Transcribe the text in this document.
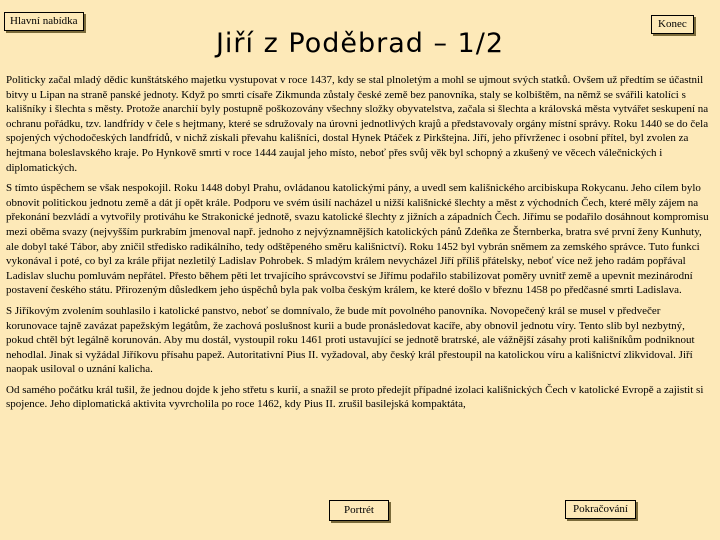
Hlavní nabídka	Konec
Jiří z Poděbrad – 1/2

Politicky začal mladý dědic kunštátského majetku vystupovat v roce 1437, kdy se stal plnoletým a mohl se ujmout svých statků. Ovšem už předtím se účastnil bitvy u Lipan na straně panské jednoty. Když po smrti císaře Zikmunda zůstaly české země bez panovníka, staly se kolbištěm, na němž se svářili katolíci s kališníky i šlechta s městy. Protože anarchií byly postupně poškozovány všechny složky obyvatelstva, začala si šlechta a královská města vytvářet seskupení na ochranu pořádku, tzv. landfrídy v čele s hejtmany, které se sdružovaly na úrovni jednotlivých krajů a představovaly orgány místní správy. Roku 1440 se do čela spojených východočeských landfrídů, v nichž získali převahu kališníci, dostal Hynek Ptáček z Pirkštejna. Jiří, jeho přívrženec i osobní přítel, byl zvolen za hejtmana boleslavského kraje. Po Hynkově smrti v roce 1444 zaujal jeho místo, neboť přes svůj věk byl schopný a zkušený ve věcech válečnických i diplomatických.

S tímto úspěchem se však nespokojil. Roku 1448 dobyl Prahu, ovládanou katolickými pány, a uvedl sem kališnického arcibiskupa Rokycanu. Jeho cílem bylo obnovit politickou jednotu země a dát jí opět krále. Podporu ve svém úsilí nacházel u nižší kališnické šlechty a měst z východních Čech, které měly zájem na překonání bezvládí a vytvořily protiváhu ke Strakonické jednotě, svazu katolické šlechty z jižních a západních Čech. Jiřímu se podařilo dosáhnout kompromisu mezi oběma svazy (nejvyšším purkrabím jmenoval např. jednoho z nejvýznamnějších katolických pánů Zdeňka ze Šternberka, bratra své první ženy Kunhuty, ale dobyl také Tábor, aby zničil středisko radikálního, tedy odštěpeného směru kališnictví). Roku 1452 byl vybrán sněmem za zemského správce. Tuto funkci vykonával i poté, co byl za krále přijat nezletilý Ladislav Pohrobek. S mladým králem nevycházel Jiří příliš přátelsky, neboť více než jeho radám popřával Ladislav sluchu pomluvám nepřátel. Přesto během pěti let trvajícího správcovství se Jiřímu podařilo stabilizovat poměry uvnitř země a upevnit mezinárodní postavení českého státu. Přirozeným důsledkem jeho úspěchů byla pak volba českým králem, ke které došlo v březnu 1458 po předčasné smrti Ladislava.

S Jiříkovým zvolením souhlasilo i katolické panstvo, neboť se domnívalo, že bude mít povolného panovníka. Novopečený král se musel v předvečer korunovace tajně zavázat papežským legátům, že zachová poslušnost kurii a bude pronásledovat kacíře, aby obnovil jednotu víry. Tento slib byl nezbytný, pokud chtěl být legálně korunován. Aby mu dostál, vystoupil roku 1461 proti ustavující se jednotě bratrské, ale vážnější zásahy proti kališníkům podniknout nehodlal. Jinak si vyžádal Jiříkovu přísahu papež. Autoritativní Pius II. vyžadoval, aby český král přestoupil na katolickou víru a kališnictví zlikvidoval. Jiří naopak usiloval o uznání kalicha.

Od samého počátku král tušil, že jednou dojde k jeho střetu s kurií, a snažil se proto předejít případné izolaci kališnických Čech v katolické Evropě a zajistit si spojence. Jeho diplomatická aktivita vyvrcholila po roce 1462, kdy Pius II. zrušil basilejská kompaktáta,

Portrét	Pokračování
